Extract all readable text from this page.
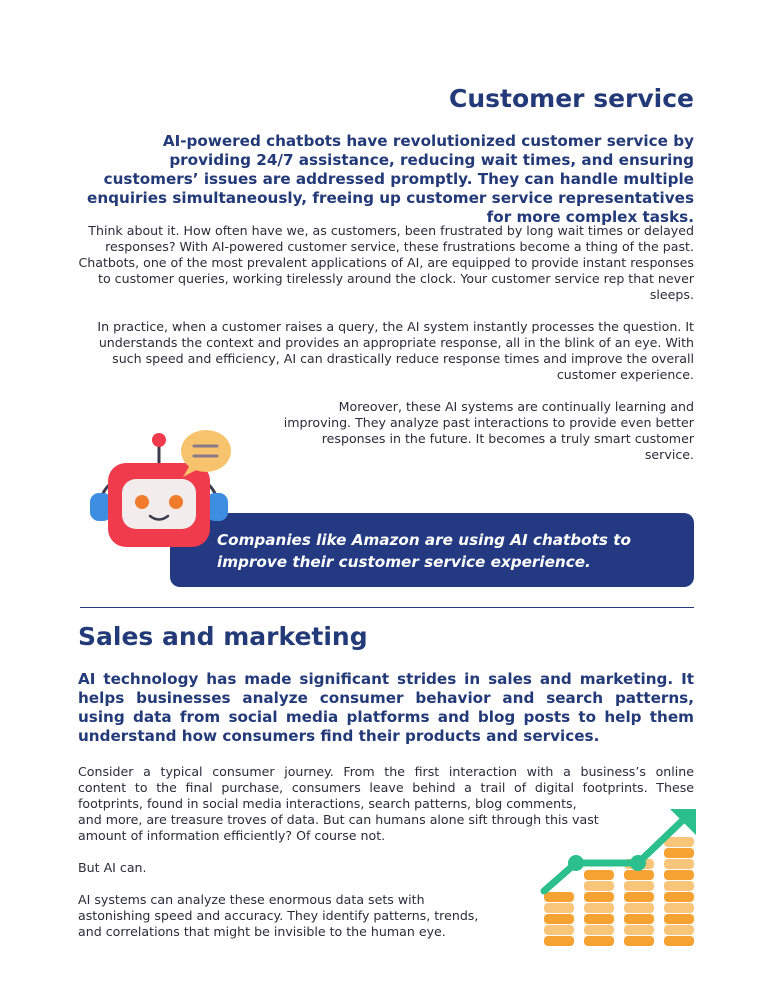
Customer service

AI-powered chatbots have revolutionized customer service by providing 24/7 assistance, reducing wait times, and ensuring customers’ issues are addressed promptly. They can handle multiple enquiries simultaneously, freeing up customer service representatives for more complex tasks.

Think about it. How often have we, as customers, been frustrated by long wait times or delayed responses? With AI-powered customer service, these frustrations become a thing of the past. Chatbots, one of the most prevalent applications of AI, are equipped to provide instant responses to customer queries, working tirelessly around the clock. Your customer service rep that never sleeps.

In practice, when a customer raises a query, the AI system instantly processes the question. It understands the context and provides an appropriate response, all in the blink of an eye. With such speed and efficiency, AI can drastically reduce response times and improve the overall customer experience.

Moreover, these AI systems are continually learning and improving. They analyze past interactions to provide even better responses in the future. It becomes a truly smart customer service.

Companies like Amazon are using AI chatbots to improve their customer service experience.

Sales and marketing

AI technology has made significant strides in sales and marketing. It helps businesses analyze consumer behavior and search patterns, using data from social media platforms and blog posts to help them understand how consumers find their products and services.

Consider a typical consumer journey. From the first interaction with a business’s online
content to the final purchase, consumers leave behind a trail of digital footprints. These
footprints, found in social media interactions, search patterns, blog comments,
and more, are treasure troves of data. But can humans alone sift through this vast
amount of information efficiently? Of course not.

But AI can.

AI systems can analyze these enormous data sets with
astonishing speed and accuracy. They identify patterns, trends,
and correlations that might be invisible to the human eye.
